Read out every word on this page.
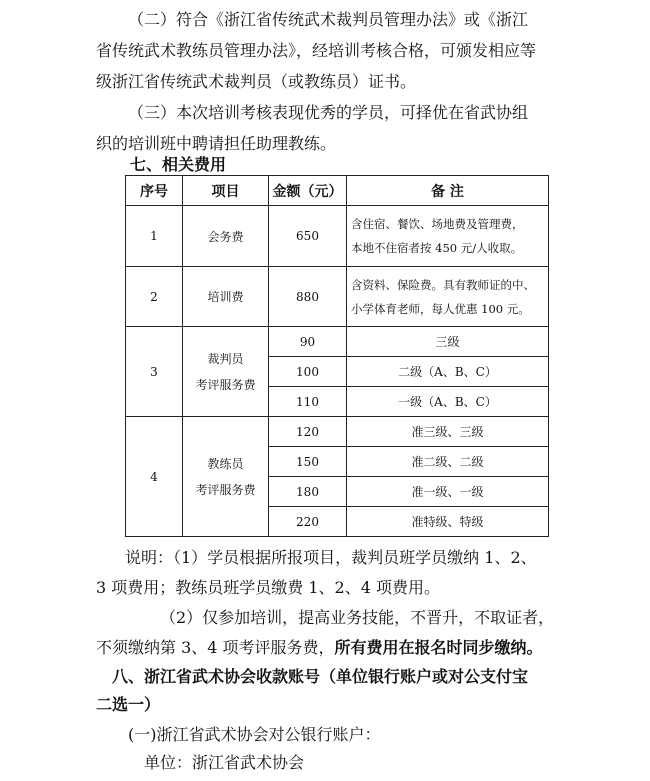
（二）符合《浙江省传统武术裁判员管理办法》或《浙江
省传统武术教练员管理办法》，经培训考核合格，可颁发相应等
级浙江省传统武术裁判员（或教练员）证书。
（三）本次培训考核表现优秀的学员，可择优在省武协组
织的培训班中聘请担任助理教练。
七、相关费用
序号	项目	金额（元）	备 注
1	会务费	650	含住宿、餐饮、场地费及管理费，
本地不住宿者按 450 元/人收取。

2	培训费	880	含资料、保险费。具有教师证的中、
小学体育老师，每人优惠 100 元。

3	裁判员
考评服务费	90	三级
		100	二级（A、B、C）
		110	一级（A、B、C）
4	教练员
考评服务费	120	准三级、三级
		150	准二级、二级
		180	准一级、一级
		220	准特级、特级
说明：（1）学员根据所报项目，裁判员班学员缴纳 1、2、
3 项费用；教练员班学员缴费 1、2、4 项费用。
（2）仅参加培训，提高业务技能，不晋升，不取证者，
不须缴纳第 3、4 项考评服务费，所有费用在报名时同步缴纳。
八、浙江省武术协会收款账号（单位银行账户或对公支付宝
二选一）
(一)浙江省武术协会对公银行账户：
单位：浙江省武术协会
